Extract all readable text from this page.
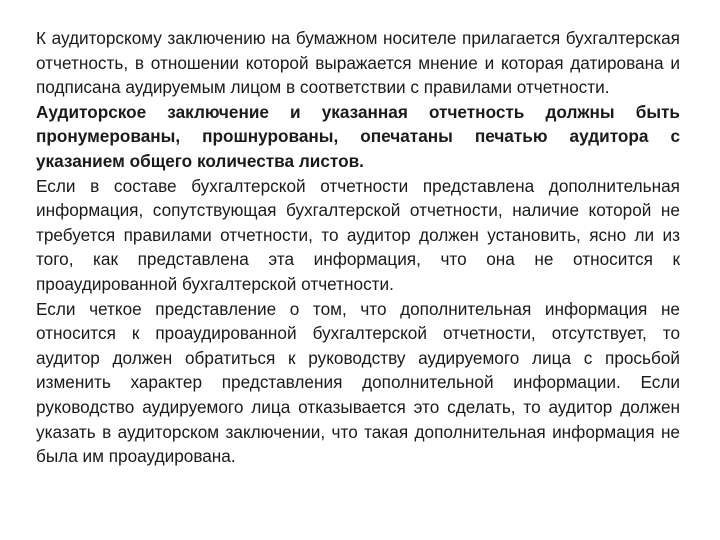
К аудиторскому заключению на бумажном носителе прилагается бухгалтерская отчетность, в отношении которой выражается мнение и которая датирована и подписана аудируемым лицом в соответствии с правилами отчетности.

Аудиторское заключение и указанная отчетность должны быть пронумерованы, прошнурованы, опечатаны печатью аудитора с указанием общего количества листов.

Если в составе бухгалтерской отчетности представлена дополнительная информация, сопутствующая бухгалтерской отчетности, наличие которой не требуется правилами отчетности, то аудитор должен установить, ясно ли из того, как представлена эта информация, что она не относится к проаудированной бухгалтерской отчетности.

Если четкое представление о том, что дополнительная информация не относится к проаудированной бухгалтерской отчетности, отсутствует, то аудитор должен обратиться к руководству аудируемого лица с просьбой изменить характер представления дополнительной информации. Если руководство аудируемого лица отказывается это сделать, то аудитор должен указать в аудиторском заключении, что такая дополнительная информация не была им проаудирована.
